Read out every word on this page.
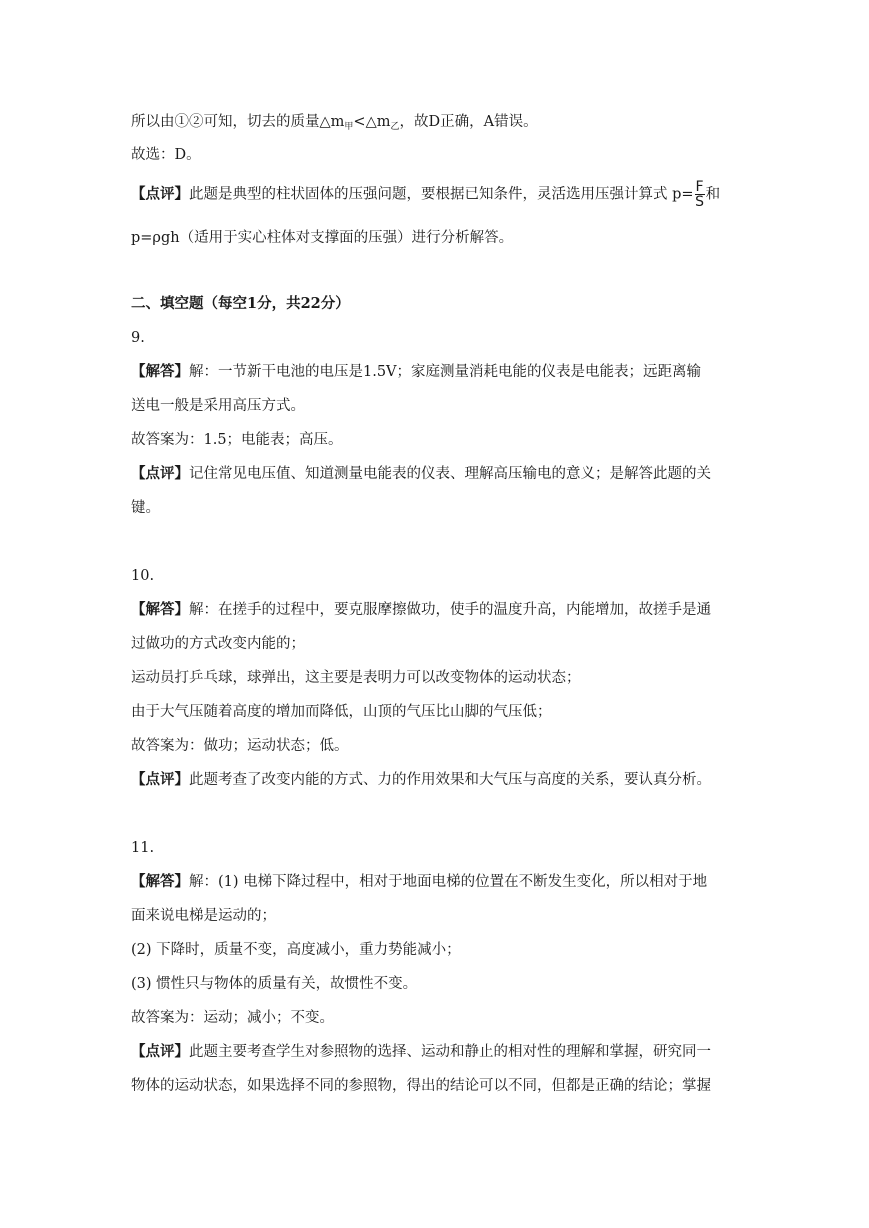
所以由①②可知，切去的质量$\triangle m_甲<\triangle m_乙$，故D正确，A错误。
故选：D。
【点评】此题是典型的柱状固体的压强问题，要根据已知条件，灵活选用压强计算式 $p= \frac{F}{S}$ 和
p=ρgh（适用于实心柱体对支撑面的压强）进行分析解答。
二、填空题（每空1分，共22分）
9.
【解答】解：一节新干电池的电压是1.5V；家庭测量消耗电能的仪表是电能表；远距离输
送电一般是采用高压方式。
故答案为：1.5；电能表；高压。
【点评】记住常见电压值、知道测量电能表的仪表、理解高压输电的意义；是解答此题的关
键。
10.
【解答】解：在搓手的过程中，要克服摩擦做功，使手的温度升高，内能增加，故搓手是通
过做功的方式改变内能的；
运动员打乒乓球，球弹出，这主要是表明力可以改变物体的运动状态；
由于大气压随着高度的增加而降低，山顶的气压比山脚的气压低；
故答案为：做功；运动状态；低。
【点评】此题考查了改变内能的方式、力的作用效果和大气压与高度的关系，要认真分析。
11.
【解答】解：(1) 电梯下降过程中，相对于地面电梯的位置在不断发生变化，所以相对于地
面来说电梯是运动的；
(2) 下降时，质量不变，高度减小，重力势能减小；
(3) 惯性只与物体的质量有关，故惯性不变。
故答案为：运动；减小；不变。
【点评】此题主要考查学生对参照物的选择、运动和静止的相对性的理解和掌握，研究同一
物体的运动状态，如果选择不同的参照物，得出的结论可以不同，但都是正确的结论；掌握
